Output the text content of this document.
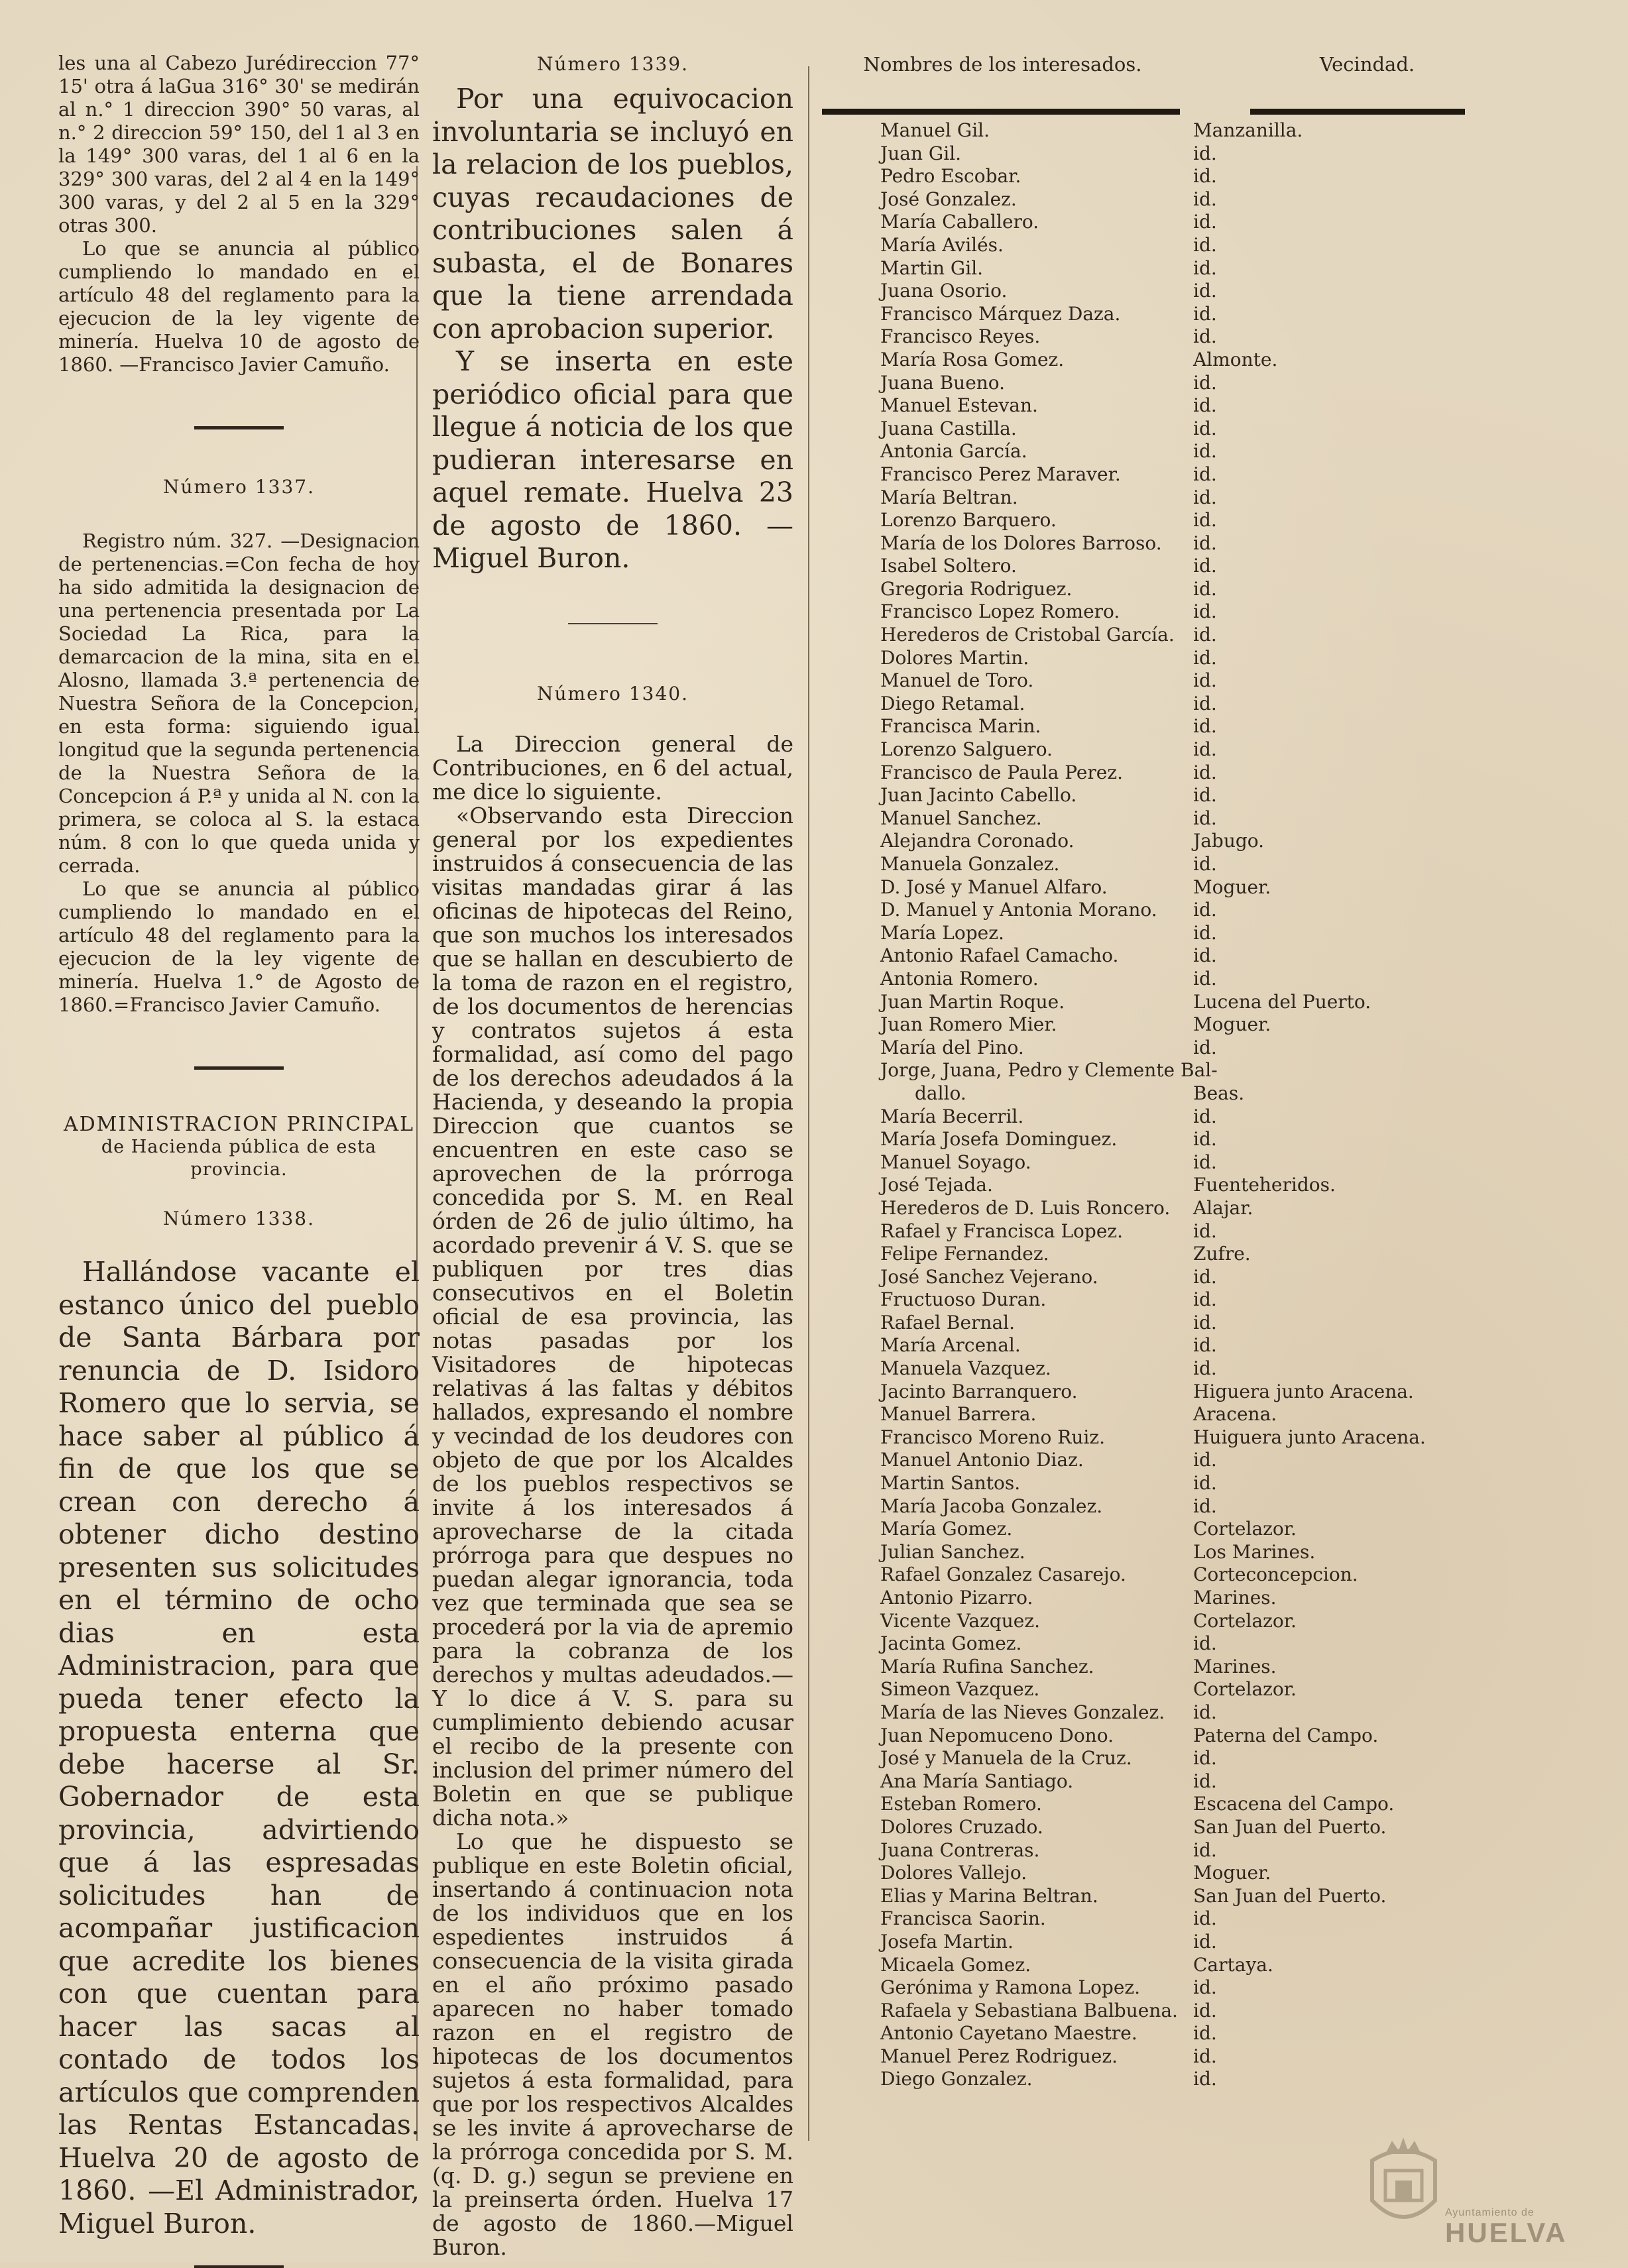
les una al Cabezo Jurédireccion 77° 15' otra á laGua 316° 30' se medirán al n.° 1 direccion 390° 50 varas, al n.° 2 direccion 59° 150, del 1 al 3 en la 149° 300 varas, del 1 al 6 en la 329° 300 varas, del 2 al 4 en la 149° 300 varas, y del 2 al 5 en la 329° otras 300.

Lo que se anuncia al público cumpliendo lo mandado en el artículo 48 del reglamento para la ejecucion de la ley vigente de minería. Huelva 10 de agosto de 1860. —Francisco Javier Camuño.

Número 1337.

Registro núm. 327. —Designacion de pertenencias.=Con fecha de hoy ha sido admitida la designacion de una pertenencia presentada por La Sociedad La Rica, para la demarcacion de la mina, sita en el Alosno, llamada 3.ª pertenencia de Nuestra Señora de la Concepcion, en esta forma: siguiendo igual longitud que la segunda pertenencia de la Nuestra Señora de la Concepcion á P.ª y unida al N. con la primera, se coloca al S. la estaca núm. 8 con lo que queda unida y cerrada.

Lo que se anuncia al público cumpliendo lo mandado en el artículo 48 del reglamento para la ejecucion de la ley vigente de minería. Huelva 1.° de Agosto de 1860.=Francisco Javier Camuño.

ADMINISTRACION PRINCIPAL

de Hacienda pública de esta provincia.

Número 1338.

Hallándose vacante el estanco único del pueblo de Santa Bárbara por renuncia de D. Isidoro Romero que lo servia, se hace saber al público á fin de que los que se crean con derecho á obtener dicho destino presenten sus solicitudes en el término de ocho dias en esta Administracion, para que pueda tener efecto la propuesta enterna que debe hacerse al Sr. Gobernador de esta provincia, advirtiendo que á las espresadas solicitudes han de acompañar justificacion que acredite los bienes con que cuentan para hacer las sacas al contado de todos los artículos que comprenden las Rentas Estancadas. Huelva 20 de agosto de 1860. —El Administrador, Miguel Buron.

Número 1339.

Por una equivocacion involuntaria se incluyó en la relacion de los pueblos, cuyas recaudaciones de contribuciones salen á subasta, el de Bonares que la tiene arrendada con aprobacion superior.

Y se inserta en este periódico oficial para que llegue á noticia de los que pudieran interesarse en aquel remate. Huelva 23 de agosto de 1860. —Miguel Buron.

Número 1340.

La Direccion general de Contribuciones, en 6 del actual, me dice lo siguiente.

«Observando esta Direccion general por los expedientes instruidos á consecuencia de las visitas mandadas girar á las oficinas de hipotecas del Reino, que son muchos los interesados que se hallan en descubierto de la toma de razon en el registro, de los documentos de herencias y contratos sujetos á esta formalidad, así como del pago de los derechos adeudados á la Hacienda, y deseando la propia Direccion que cuantos se encuentren en este caso se aprovechen de la prórroga concedida por S. M. en Real órden de 26 de julio último, ha acordado prevenir á V. S. que se publiquen por tres dias consecutivos en el Boletin oficial de esa provincia, las notas pasadas por los Visitadores de hipotecas relativas á las faltas y débitos hallados, expresando el nombre y vecindad de los deudores con objeto de que por los Alcaldes de los pueblos respectivos se invite á los interesados á aprovecharse de la citada prórroga para que despues no puedan alegar ignorancia, toda vez que terminada que sea se procederá por la via de apremio para la cobranza de los derechos y multas adeudados.—Y lo dice á V. S. para su cumplimiento debiendo acusar el recibo de la presente con inclusion del primer número del Boletin en que se publique dicha nota.»

Lo que he dispuesto se publique en este Boletin oficial, insertando á continuacion nota de los individuos que en los espedientes instruidos á consecuencia de la visita girada en el año próximo pasado aparecen no haber tomado razon en el registro de hipotecas de los documentos sujetos á esta formalidad, para que por los respectivos Alcaldes se les invite á aprovecharse de la prórroga concedida por S. M. (q. D. g.) segun se previene en la preinserta órden. Huelva 17 de agosto de 1860.—Miguel Buron.

Nombres de los interesados.	Vecindad.
Manuel Gil.	Manzanilla.
Juan Gil.	id.
Pedro Escobar.	id.
José Gonzalez.	id.
María Caballero.	id.
María Avilés.	id.
Martin Gil.	id.
Juana Osorio.	id.
Francisco Márquez Daza.	id.
Francisco Reyes.	id.
María Rosa Gomez.	Almonte.
Juana Bueno.	id.
Manuel Estevan.	id.
Juana Castilla.	id.
Antonia García.	id.
Francisco Perez Maraver.	id.
María Beltran.	id.
Lorenzo Barquero.	id.
María de los Dolores Barroso.	id.
Isabel Soltero.	id.
Gregoria Rodriguez.	id.
Francisco Lopez Romero.	id.
Herederos de Cristobal García.	id.
Dolores Martin.	id.
Manuel de Toro.	id.
Diego Retamal.	id.
Francisca Marin.	id.
Lorenzo Salguero.	id.
Francisco de Paula Perez.	id.
Juan Jacinto Cabello.	id.
Manuel Sanchez.	id.
Alejandra Coronado.	Jabugo.
Manuela Gonzalez.	id.
D. José y Manuel Alfaro.	Moguer.
D. Manuel y Antonia Morano.	id.
María Lopez.	id.
Antonio Rafael Camacho.	id.
Antonia Romero.	id.
Juan Martin Roque.	Lucena del Puerto.
Juan Romero Mier.	Moguer.
María del Pino.	id.
Jorge, Juana, Pedro y Clemente Bal-
dallo.	Beas.
María Becerril.	id.
María Josefa Dominguez.	id.
Manuel Soyago.	id.
José Tejada.	Fuenteheridos.
Herederos de D. Luis Roncero.	Alajar.
Rafael y Francisca Lopez.	id.
Felipe Fernandez.	Zufre.
José Sanchez Vejerano.	id.
Fructuoso Duran.	id.
Rafael Bernal.	id.
María Arcenal.	id.
Manuela Vazquez.	id.
Jacinto Barranquero.	Higuera junto Aracena.
Manuel Barrera.	Aracena.
Francisco Moreno Ruiz.	Huiguera junto Aracena.
Manuel Antonio Diaz.	id.
Martin Santos.	id.
María Jacoba Gonzalez.	id.
María Gomez.	Cortelazor.
Julian Sanchez.	Los Marines.
Rafael Gonzalez Casarejo.	Corteconcepcion.
Antonio Pizarro.	Marines.
Vicente Vazquez.	Cortelazor.
Jacinta Gomez.	id.
María Rufina Sanchez.	Marines.
Simeon Vazquez.	Cortelazor.
María de las Nieves Gonzalez.	id.
Juan Nepomuceno Dono.	Paterna del Campo.
José y Manuela de la Cruz.	id.
Ana María Santiago.	id.
Esteban Romero.	Escacena del Campo.
Dolores Cruzado.	San Juan del Puerto.
Juana Contreras.	id.
Dolores Vallejo.	Moguer.
Elias y Marina Beltran.	San Juan del Puerto.
Francisca Saorin.	id.
Josefa Martin.	id.
Micaela Gomez.	Cartaya.
Gerónima y Ramona Lopez.	id.
Rafaela y Sebastiana Balbuena. id.
Antonio Cayetano Maestre.	id.
Manuel Perez Rodriguez.	id.
Diego Gonzalez.	id.
Ayuntamiento de
HUELVA
